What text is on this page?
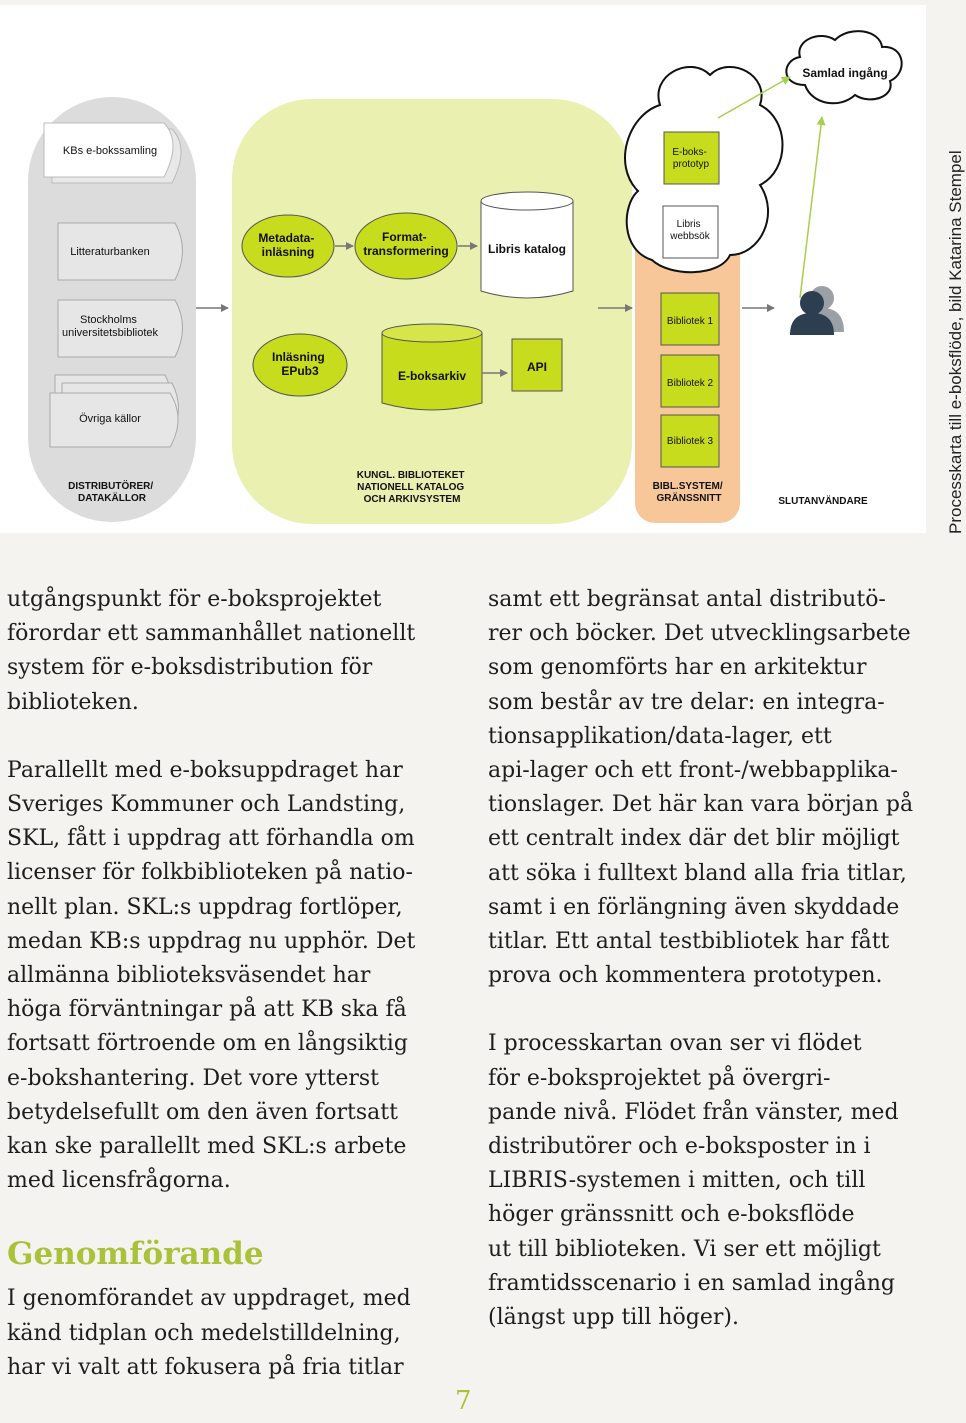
Samlad ingång
KBs e-bokssamling
Litteraturbanken
Stockholms universitetsbibliotek
Övriga källor
DISTRIBUTÖRER/ DATAKÄLLOR
Metadata- inläsning
Inläsning EPub3
Format- transformering
E-boksarkiv
Libris katalog
API
KUNGL. BIBLIOTEKET NATIONELL KATALOG OCH ARKIVSYSTEM
E-boks- prototyp
Libris webbsök
Bibliotek 1
Bibliotek 2
Bibliotek 3
BIBL.SYSTEM/ GRÄNSSNITT	SLUTANVÄNDARE	Processkarta till e-boksflöde, bild Katarina Stempel

utgångspunkt för e-boksprojektet
förordar ett sammanhållet nationellt
system för e-boksdistribution för
biblioteken.

Parallellt med e-boksuppdraget har
Sveriges Kommuner och Landsting,
SKL, fått i uppdrag att förhandla om
licenser för folkbiblioteken på natio-
nellt plan. SKL:s uppdrag fortlöper,
medan KB:s uppdrag nu upphör. Det
allmänna biblioteksväsendet har
höga förväntningar på att KB ska få
fortsatt förtroende om en långsiktig
e-bokshantering. Det vore ytterst
betydelsefullt om den även fortsatt
kan ske parallellt med SKL:s arbete
med licensfrågorna.

Genomförande

I genomförandet av uppdraget, med
känd tidplan och medelstilldelning,
har vi valt att fokusera på fria titlar

samt ett begränsat antal distributö-
rer och böcker. Det utvecklingsarbete
som genomförts har en arkitektur
som består av tre delar: en integra-
tionsapplikation/data-lager, ett
api-lager och ett front-/webbapplika-
tionslager. Det här kan vara början på
ett centralt index där det blir möjligt
att söka i fulltext bland alla fria titlar,
samt i en förlängning även skyddade
titlar. Ett antal testbibliotek har fått
prova och kommentera prototypen.

I processkartan ovan ser vi flödet
för e-boksprojektet på övergri-
pande nivå. Flödet från vänster, med
distributörer och e-boksposter in i
LIBRIS-systemen i mitten, och till
höger gränssnitt och e-boksflöde
ut till biblioteken. Vi ser ett möjligt
framtidsscenario i en samlad ingång
(längst upp till höger).

7
